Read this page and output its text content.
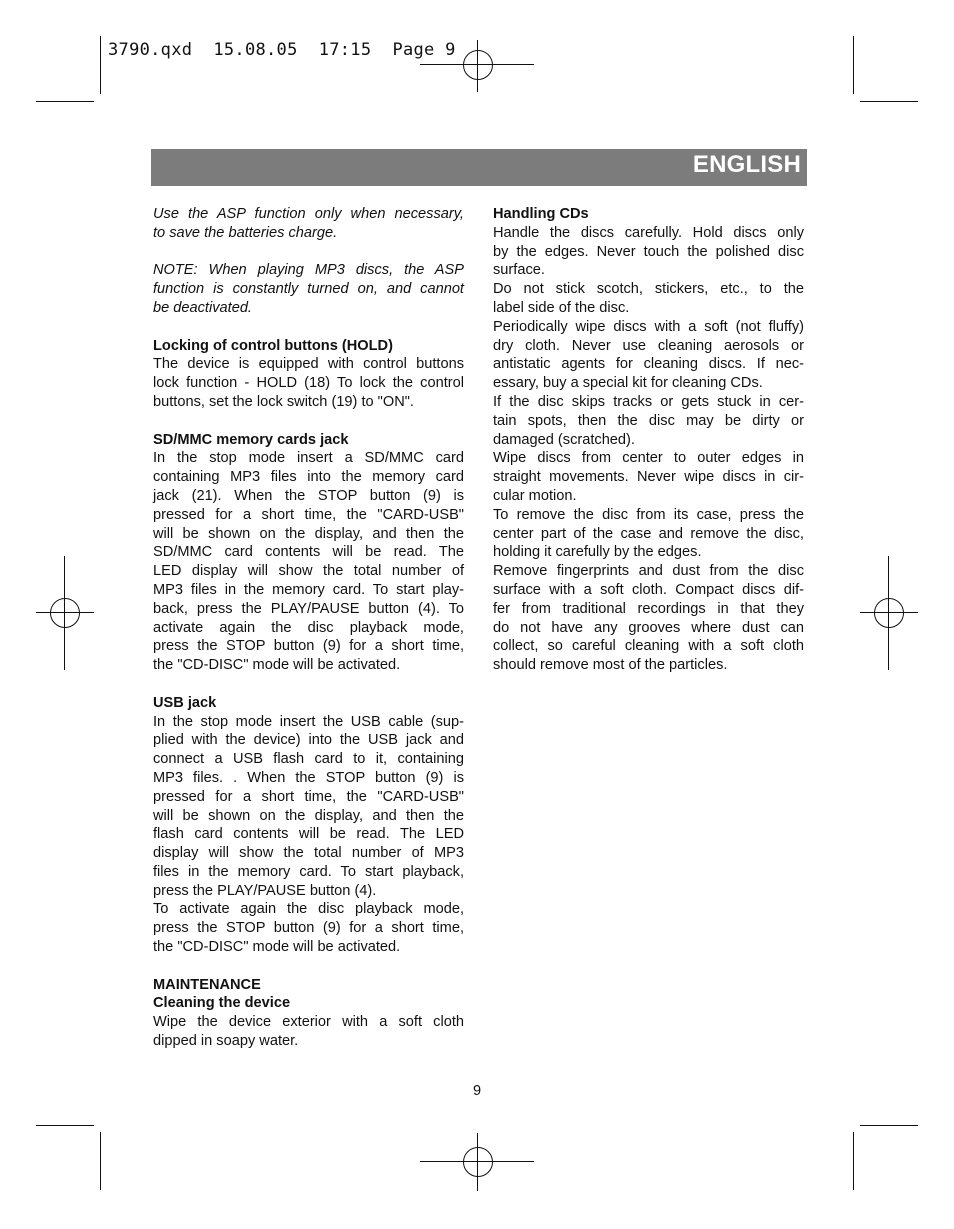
3790.qxd  15.08.05  17:15  Page 9
ENGLISH

Use the ASP function only when necessary,
to save the batteries charge.

NOTE: When playing MP3 discs, the ASP
function is constantly turned on, and cannot
be deactivated.

Locking of control buttons (HOLD)

The device is equipped with control buttons
lock function - HOLD (18) To lock the control
buttons, set the lock switch (19) to "ON".

SD/MMC memory cards jack

In the stop mode insert a SD/MMC card
containing MP3 files into the memory card
jack (21). When the STOP button (9) is
pressed for a short time, the "CARD-USB"
will be shown on the display, and then the
SD/MMC card contents will be read. The
LED display will show the total number of
MP3 files in the memory card. To start play-
back, press the PLAY/PAUSE button (4). To
activate again the disc playback mode,
press the STOP button (9) for a short time,
the "CD-DISC" mode will be activated.

USB jack

In the stop mode insert the USB cable (sup-
plied with the device) into the USB jack and
connect a USB flash card to it, containing
MP3 files. . When the STOP button (9) is
pressed for a short time, the "CARD-USB"
will be shown on the display, and then the
flash card contents will be read. The LED
display will show the total number of MP3
files in the memory card. To start playback,
press the PLAY/PAUSE button (4).
To activate again the disc playback mode,
press the STOP button (9) for a short time,
the "CD-DISC" mode will be activated.

MAINTENANCE

Cleaning the device

Wipe the device exterior with a soft cloth
dipped in soapy water.

Handling CDs

Handle the discs carefully. Hold discs only
by the edges. Never touch the polished disc
surface.
Do not stick scotch, stickers, etc., to the
label side of the disc.
Periodically wipe discs with a soft (not fluffy)
dry cloth. Never use cleaning aerosols or
antistatic agents for cleaning discs. If nec-
essary, buy a special kit for cleaning CDs.
If the disc skips tracks or gets stuck in cer-
tain spots, then the disc may be dirty or
damaged (scratched).
Wipe discs from center to outer edges in
straight movements. Never wipe discs in cir-
cular motion.
To remove the disc from its case, press the
center part of the case and remove the disc,
holding it carefully by the edges.
Remove fingerprints and dust from the disc
surface with a soft cloth. Compact discs dif-
fer from traditional recordings in that they
do not have any grooves where dust can
collect, so careful cleaning with a soft cloth
should remove most of the particles.

9
